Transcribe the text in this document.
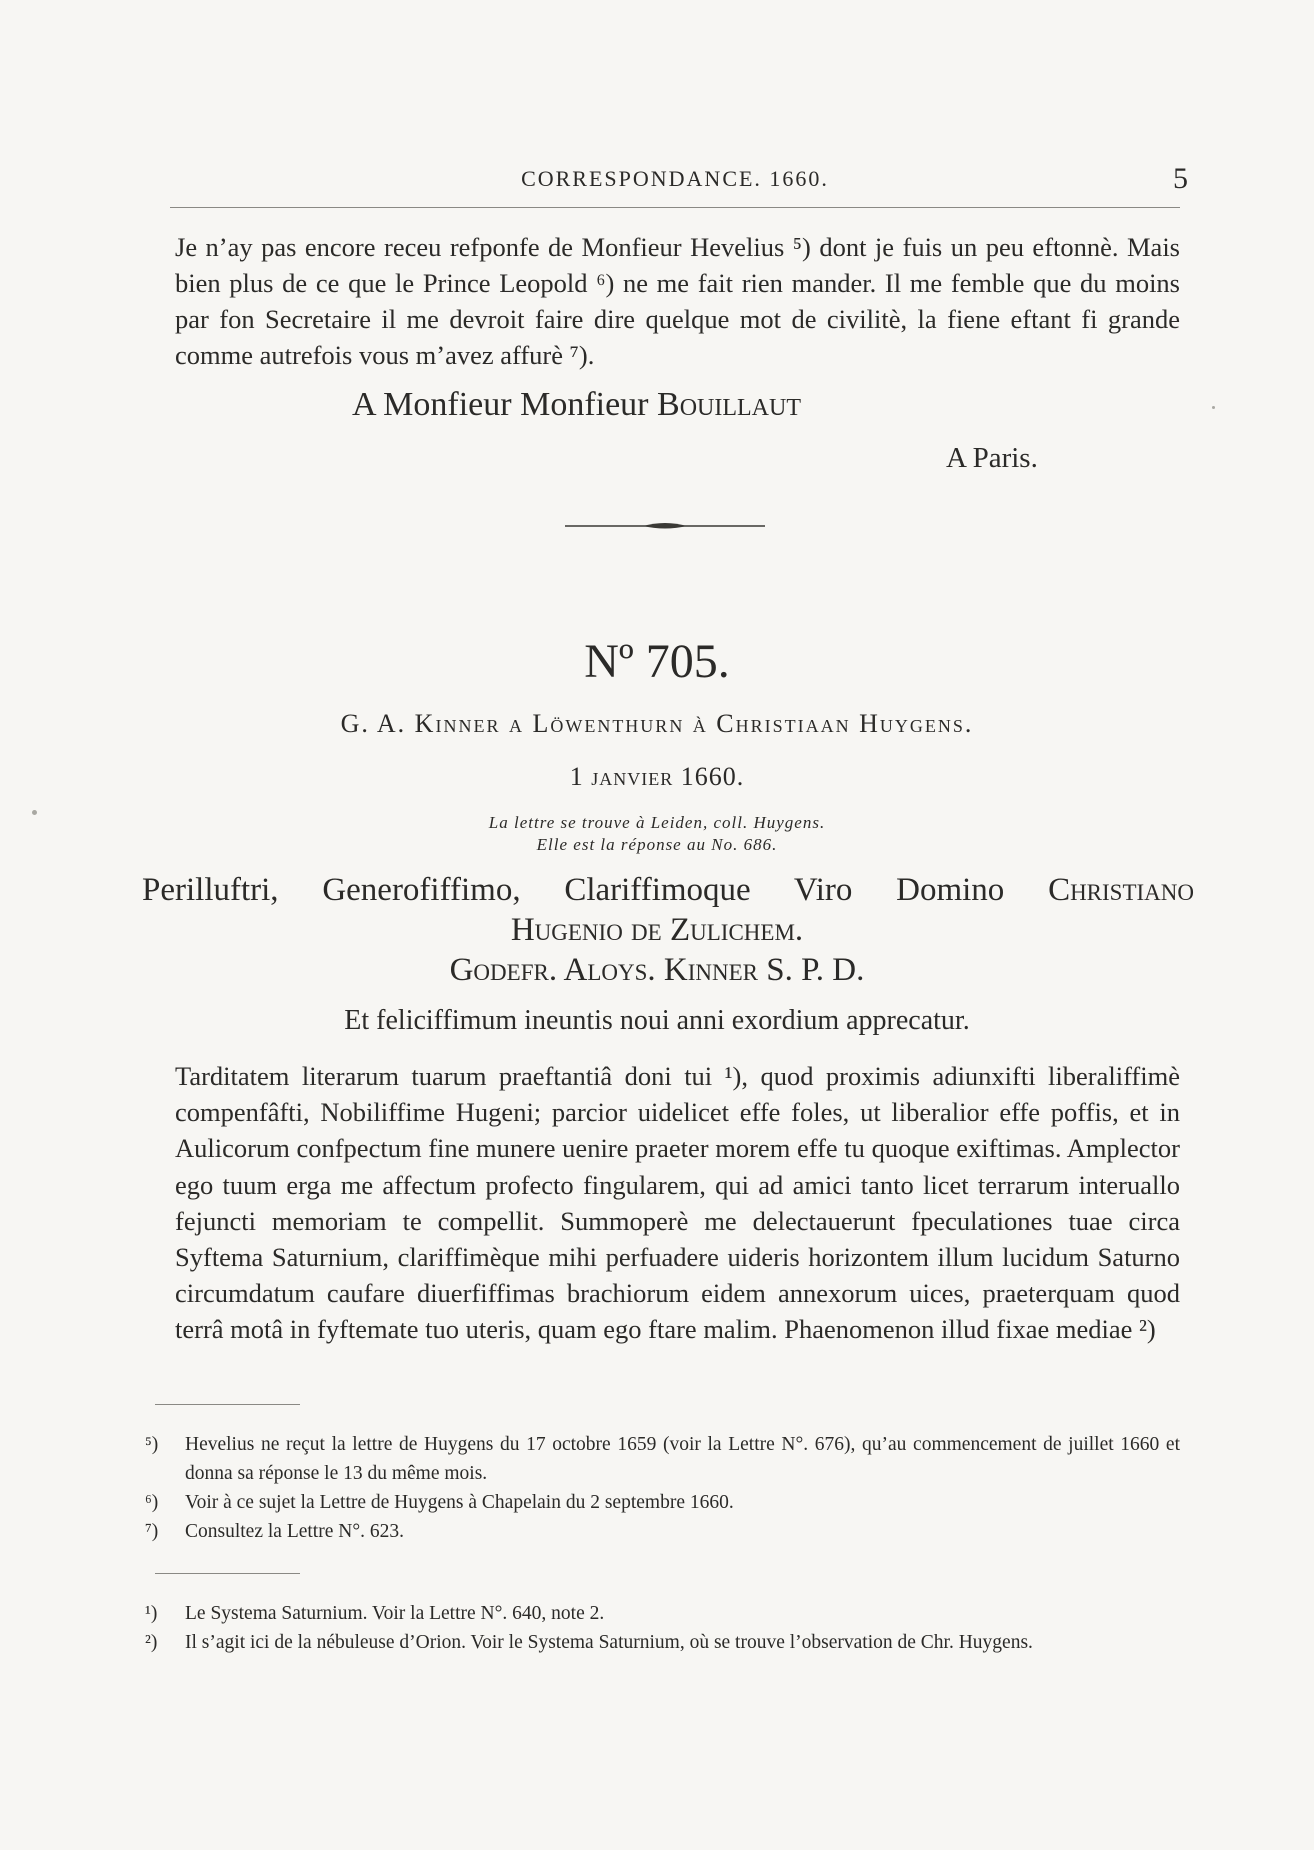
CORRESPONDANCE. 1660.	5
Je n’ay pas encore receu refponfe de Monfieur Hevelius ⁵) dont je fuis un peu eftonnè. Mais bien plus de ce que le Prince Leopold ⁶) ne me fait rien mander. Il me femble que du moins par fon Secretaire il me devroit faire dire quelque mot de civilitè, la fiene eftant fi grande comme autrefois vous m’avez affurè ⁷).
A Monfieur Monfieur Bouillaut
A Paris.
Nº 705.
G. A. Kinner a Löwenthurn à Christiaan Huygens.
1 janvier 1660.
La lettre se trouve à Leiden, coll. Huygens.
Elle est la réponse au No. 686.
Perilluftri, Generofiffimo, Clariffimoque Viro Domino Christiano
Hugenio de Zulichem.
Godefr. Aloys. Kinner S. P. D.
Et feliciffimum ineuntis noui anni exordium apprecatur.
Tarditatem literarum tuarum praeftantiâ doni tui ¹), quod proximis adiunxifti liberaliffimè compenfâfti, Nobiliffime Hugeni; parcior uidelicet effe foles, ut liberalior effe poffis, et in Aulicorum confpectum fine munere uenire praeter morem effe tu quoque exiftimas. Amplector ego tuum erga me affectum profecto fingularem, qui ad amici tanto licet terrarum interuallo fejuncti memoriam te compellit. Summoperè me delectauerunt fpeculationes tuae circa Syftema Saturnium, clariffimèque mihi perfuadere uideris horizontem illum lucidum Saturno circumdatum caufare diuerfiffimas brachiorum eidem annexorum uices, praeterquam quod terrâ motâ in fyftemate tuo uteris, quam ego ftare malim. Phaenomenon illud fixae mediae ²)
⁵) Hevelius ne reçut la lettre de Huygens du 17 octobre 1659 (voir la Lettre N°. 676), qu’au commencement de juillet 1660 et donna sa réponse le 13 du même mois.
⁶) Voir à ce sujet la Lettre de Huygens à Chapelain du 2 septembre 1660.
⁷) Consultez la Lettre N°. 623.
¹) Le Systema Saturnium. Voir la Lettre N°. 640, note 2.
²) Il s’agit ici de la nébuleuse d’Orion. Voir le Systema Saturnium, où se trouve l’observation de Chr. Huygens.
